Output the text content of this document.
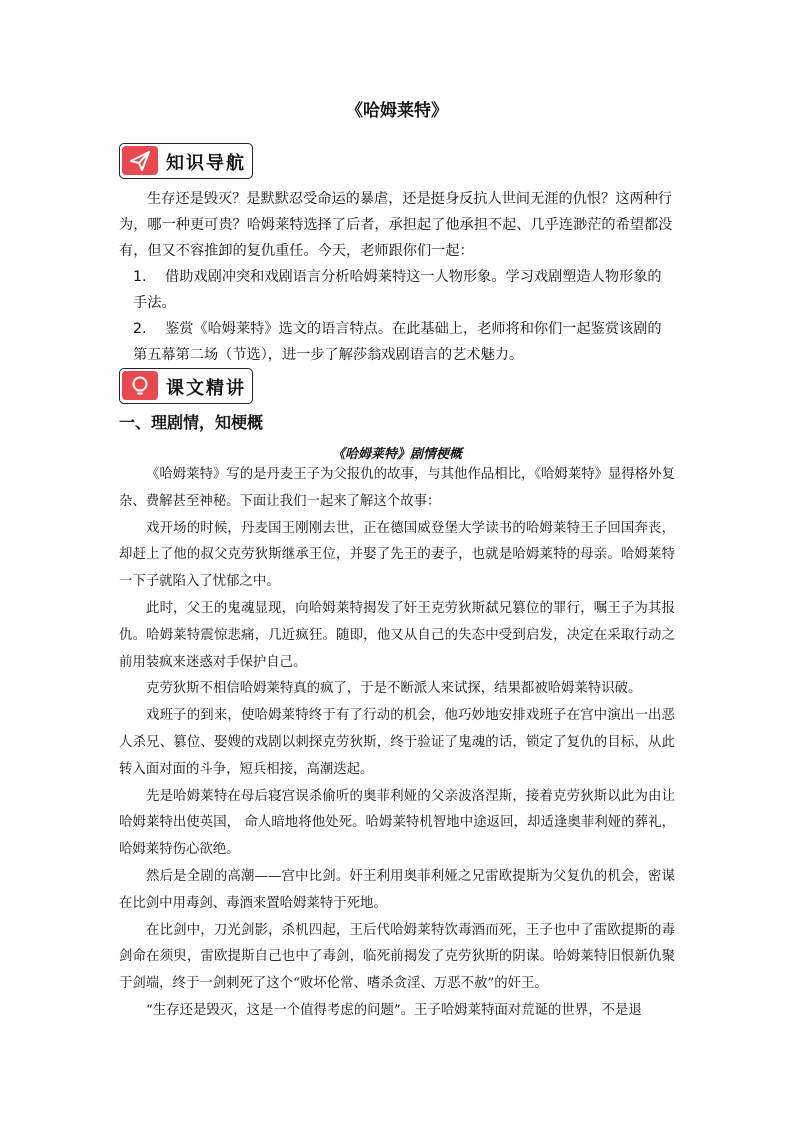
《哈姆莱特》
知识导航

生存还是毁灭？是默默忍受命运的暴虐，还是挺身反抗人世间无涯的仇恨？这两种行为，哪一种更可贵？哈姆莱特选择了后者，承担起了他承担不起、几乎连渺茫的希望都没有，但又不容推卸的复仇重任。今天，老师跟你们一起：

1.	借助戏剧冲突和戏剧语言分析哈姆莱特这一人物形象。学习戏剧塑造人物形象的手法。
2.	鉴赏《哈姆莱特》选文的语言特点。在此基础上，老师将和你们一起鉴赏该剧的第五幕第二场（节选），进一步了解莎翁戏剧语言的艺术魅力。
课文精讲
一、理剧情，知梗概
《哈姆莱特》剧情梗概

《哈姆莱特》写的是丹麦王子为父报仇的故事，与其他作品相比，《哈姆莱特》显得格外复杂、费解甚至神秘。下面让我们一起来了解这个故事：

戏开场的时候，丹麦国王刚刚去世，正在德国威登堡大学读书的哈姆莱特王子回国奔丧，却赶上了他的叔父克劳狄斯继承王位，并娶了先王的妻子，也就是哈姆莱特的母亲。哈姆莱特一下子就陷入了忧郁之中。

此时，父王的鬼魂显现，向哈姆莱特揭发了奸王克劳狄斯弑兄篡位的罪行，嘱王子为其报仇。哈姆莱特震惊悲痛，几近疯狂。随即，他又从自己的失态中受到启发，决定在采取行动之前用装疯来迷惑对手保护自己。

克劳狄斯不相信哈姆莱特真的疯了，于是不断派人来试探，结果都被哈姆莱特识破。

戏班子的到来，使哈姆莱特终于有了行动的机会，他巧妙地安排戏班子在宫中演出一出恶人杀兄、篡位、娶嫂的戏剧以刺探克劳狄斯，终于验证了鬼魂的话，锁定了复仇的目标，从此转入面对面的斗争，短兵相接，高潮迭起。

先是哈姆莱特在母后寝宫误杀偷听的奥菲利娅的父亲波洛涅斯，接着克劳狄斯以此为由让哈姆莱特出使英国， 命人暗地将他处死。哈姆莱特机智地中途返回，却适逢奥菲利娅的葬礼，哈姆莱特伤心欲绝。

然后是全剧的高潮——宫中比剑。奸王利用奥菲利娅之兄雷欧提斯为父复仇的机会，密谋在比剑中用毒剑、毒酒来置哈姆莱特于死地。

在比剑中，刀光剑影，杀机四起，王后代哈姆莱特饮毒酒而死，王子也中了雷欧提斯的毒剑命在须臾，雷欧提斯自己也中了毒剑，临死前揭发了克劳狄斯的阴谋。哈姆莱特旧恨新仇聚于剑端，终于一剑刺死了这个“败坏伦常、嗜杀贪淫、万恶不赦”的奸王。

“生存还是毁灭，这是一个值得考虑的问题”。王子哈姆莱特面对荒诞的世界，不是退
